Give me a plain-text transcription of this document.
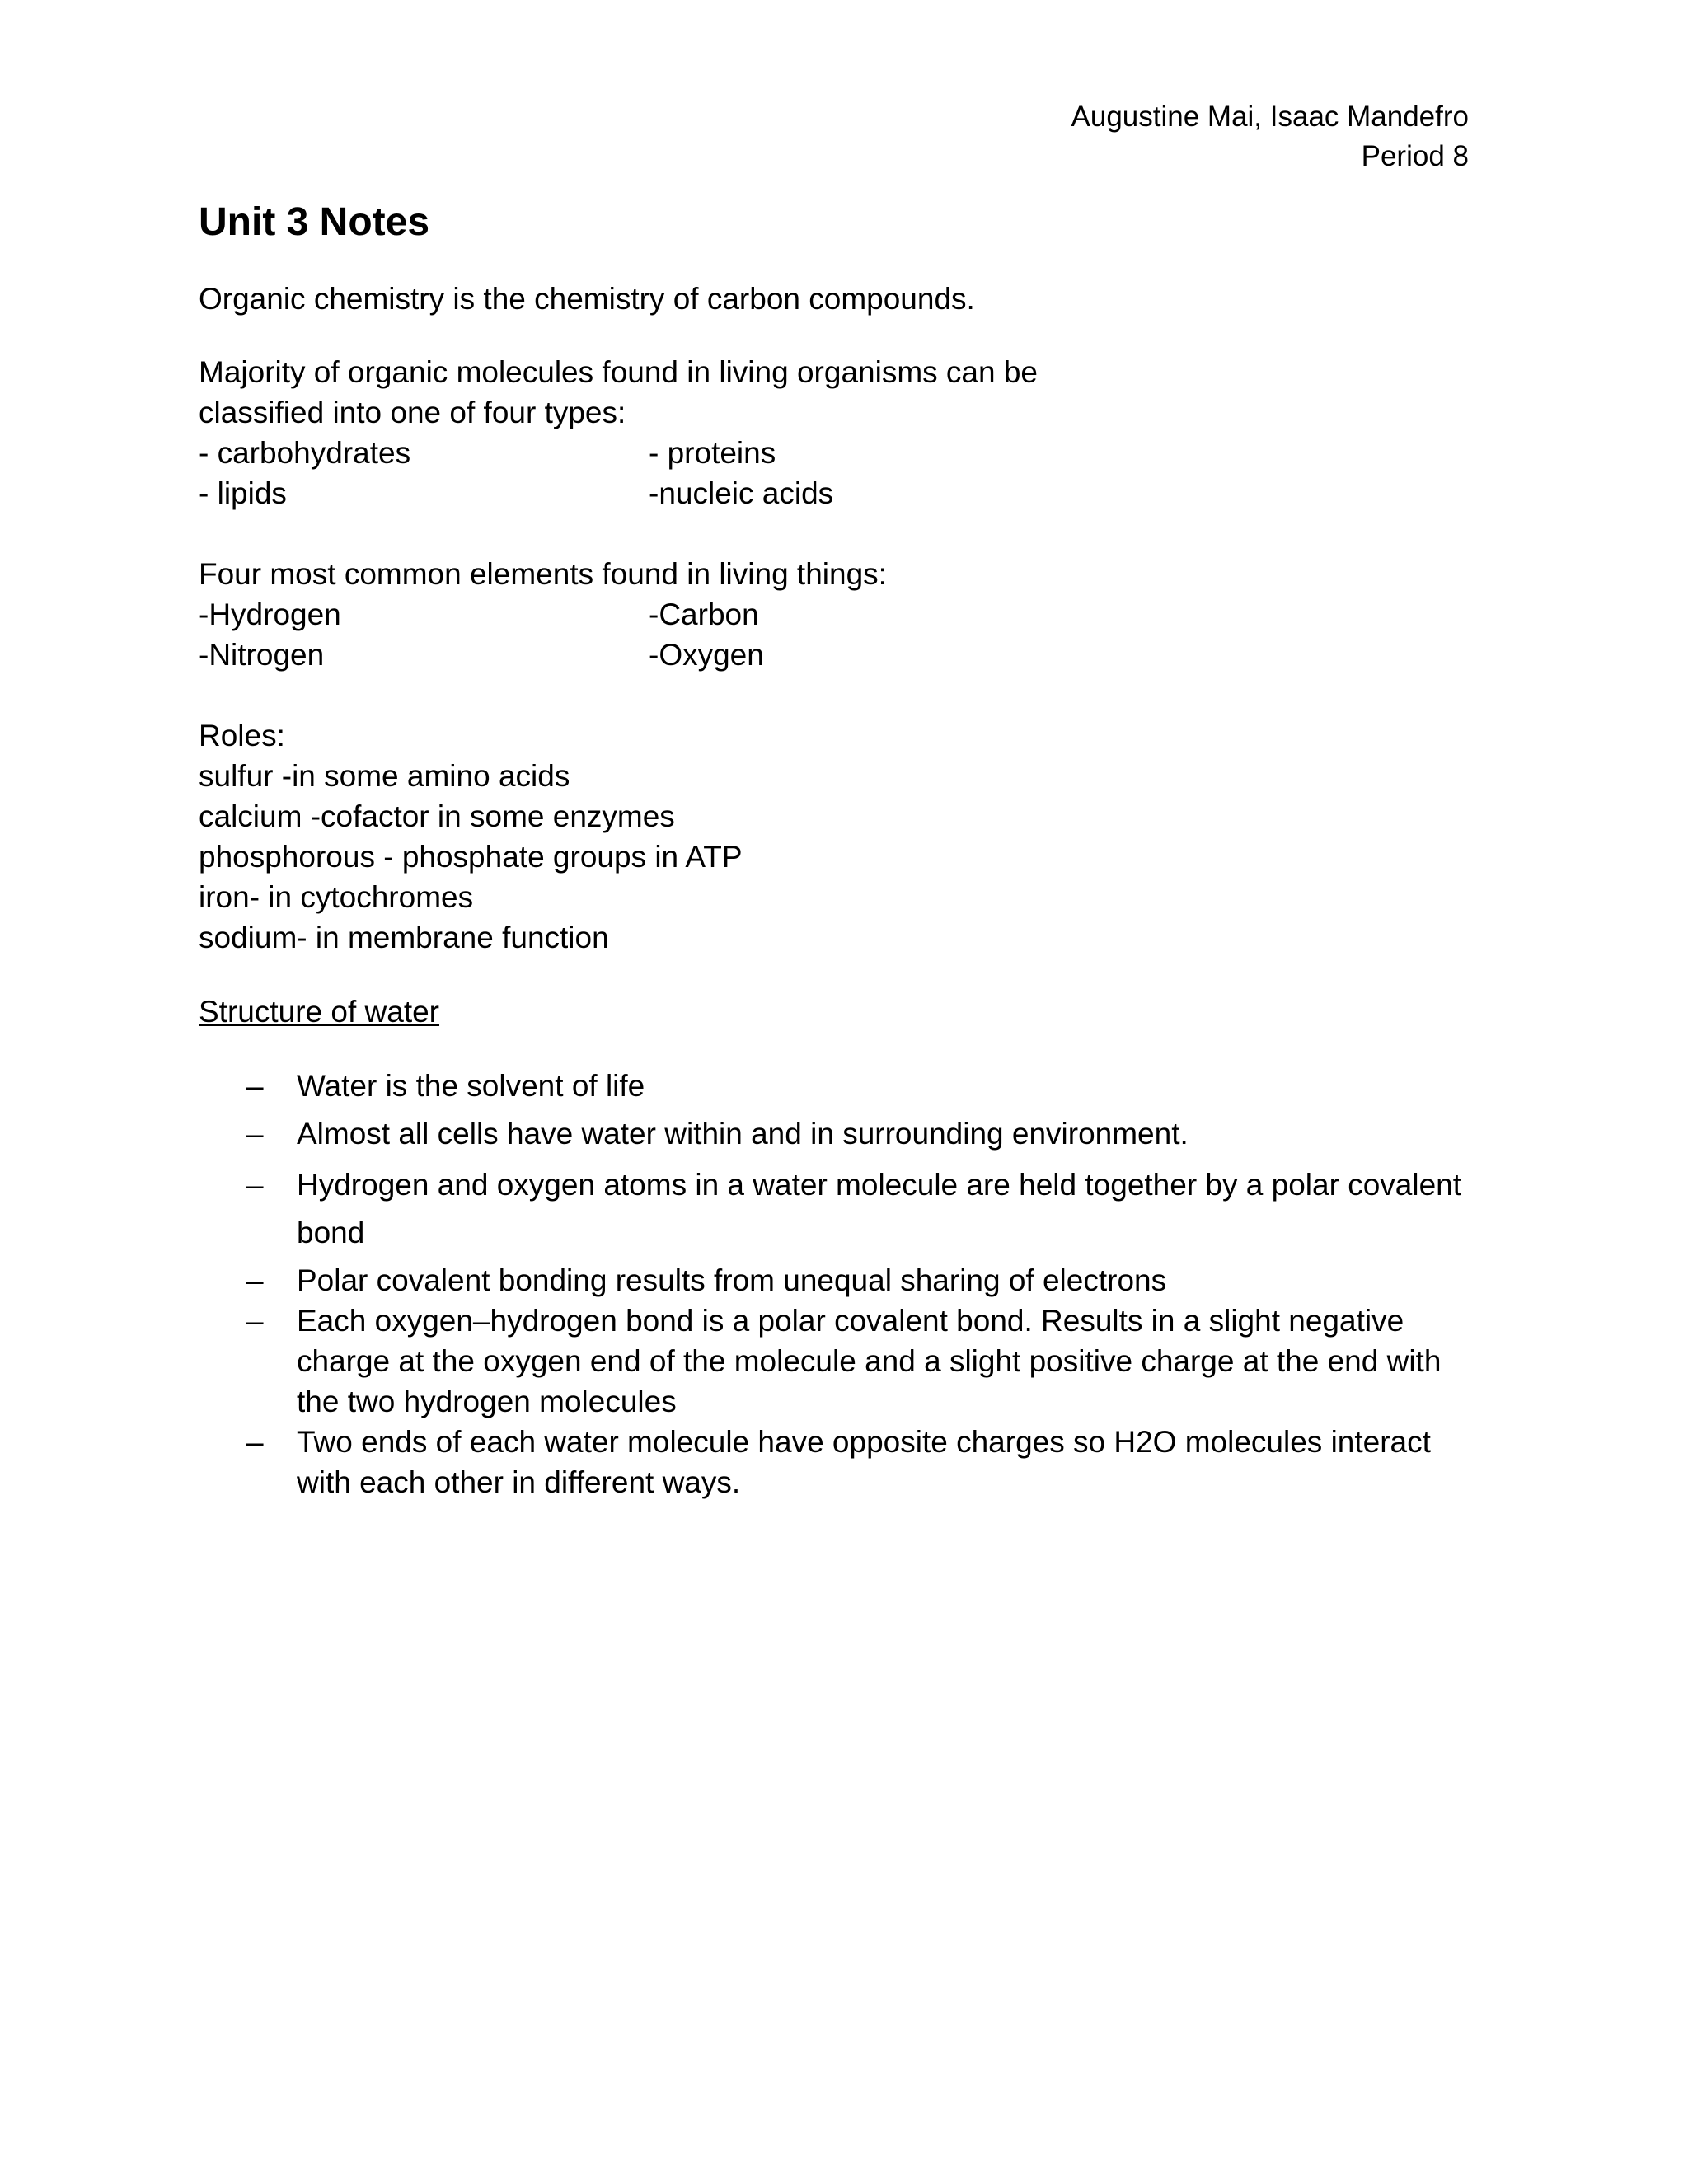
Augustine Mai, Isaac Mandefro
Period 8
Unit 3 Notes

Organic chemistry is the chemistry of carbon compounds.

Majority of organic molecules found in living organisms can be

classified into one of four types:

- carbohydrates	- proteins
- lipids	-nucleic acids

Four most common elements found in living things:

-Hydrogen	-Carbon
-Nitrogen	-Oxygen

Roles:

sulfur -in some amino acids

calcium -cofactor in some enzymes

phosphorous - phosphate groups in ATP

iron- in cytochromes

sodium- in membrane function

Structure of water

– Water is the solvent of life
– Almost all cells have water within and in surrounding environment.
– Hydrogen and oxygen atoms in a water molecule are held together by a polar covalent bond
– Polar covalent bonding results from unequal sharing of electrons
– Each oxygen–hydrogen bond is a polar covalent bond. Results in a slight negative charge at the oxygen end of the molecule and a slight positive charge at the end with the two hydrogen molecules
– Two ends of each water molecule have opposite charges so H2O molecules interact with each other in different ways.
